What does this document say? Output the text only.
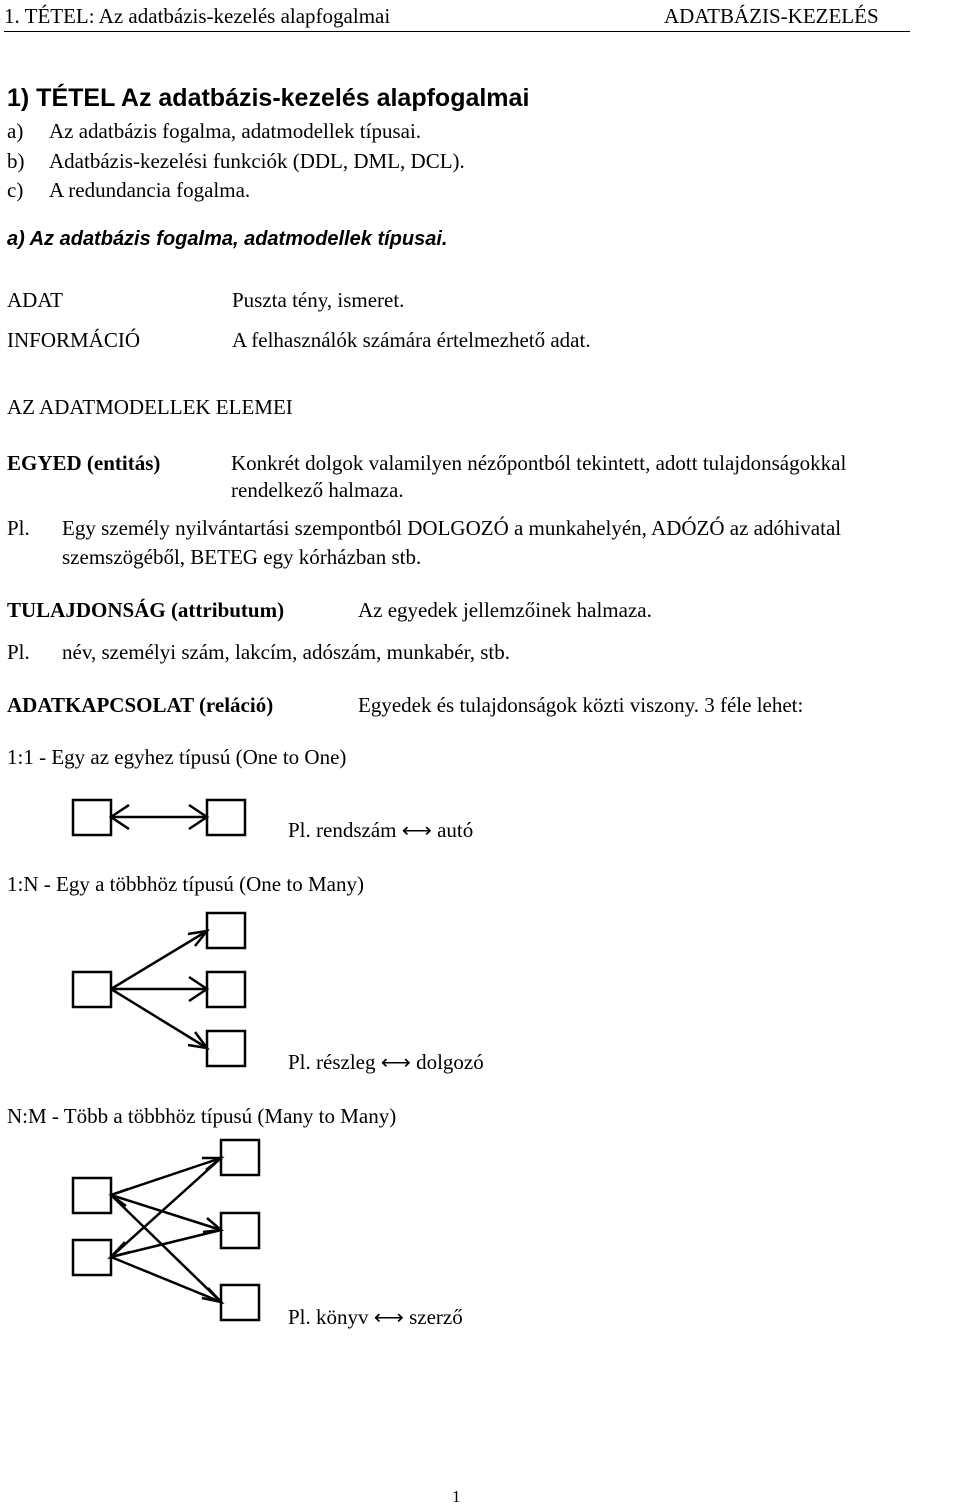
1. TÉTEL: Az adatbázis-kezelés alapfogalmai	ADATBÁZIS-KEZELÉS
1) TÉTEL Az adatbázis-kezelés alapfogalmai
a) Az adatbázis fogalma, adatmodellek típusai.
b) Adatbázis-kezelési funkciók (DDL, DML, DCL).
c) A redundancia fogalma.
a) Az adatbázis fogalma, adatmodellek típusai.
ADAT	Puszta tény, ismeret.
INFORMÁCIÓ	A felhasználók számára értelmezhető adat.
AZ ADATMODELLEK ELEMEI
EGYED (entitás)	Konkrét dolgok valamilyen nézőpontból tekintett, adott tulajdonságokkal
rendelkező halmaza.
Pl. Egy személy nyilvántartási szempontból DOLGOZÓ a munkahelyén, ADÓZÓ az adóhivatal
szemszögéből, BETEG egy kórházban stb.
TULAJDONSÁG (attributum)	Az egyedek jellemzőinek halmaza.
Pl. név, személyi szám, lakcím, adószám, munkabér, stb.
ADATKAPCSOLAT (reláció)	Egyedek és tulajdonságok közti viszony. 3 féle lehet:
1:1 - Egy az egyhez típusú (One to One)
Pl. rendszám ⟷ autó
1:N - Egy a többhöz típusú (One to Many)
Pl. részleg ⟷ dolgozó
N:M - Több a többhöz típusú (Many to Many)
Pl. könyv ⟷ szerző
1
